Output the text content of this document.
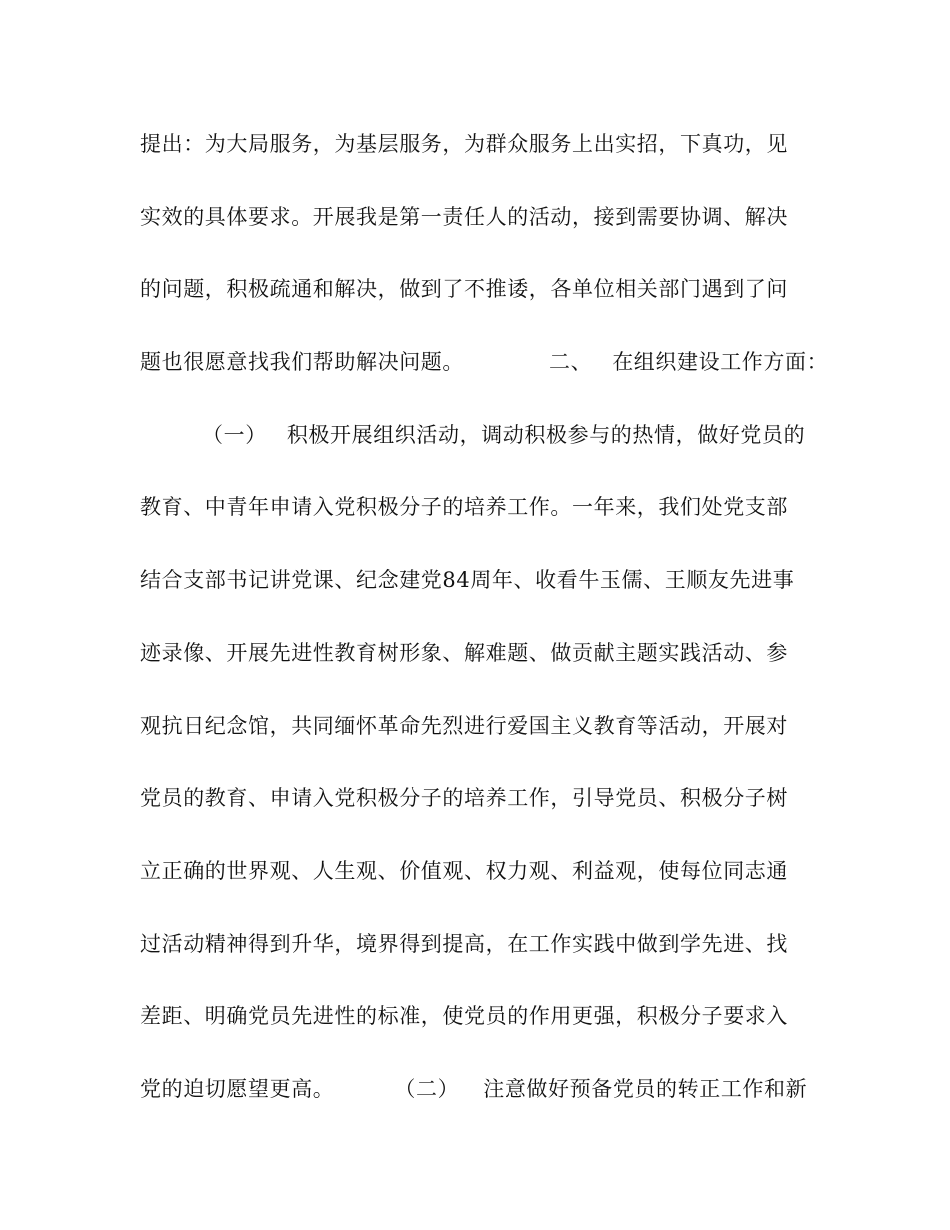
提出：为大局服务，为基层服务，为群众服务上出实招，下真功，见
实效的具体要求。开展我是第一责任人的活动，接到需要协调、解决
的问题，积极疏通和解决，做到了不推诿，各单位相关部门遇到了问
题也很愿意找我们帮助解决问题。	二、 在组织建设工作方面：
（一） 积极开展组织活动，调动积极参与的热情，做好党员的
教育、中青年申请入党积极分子的培养工作。一年来，我们处党支部
结合支部书记讲党课、纪念建党84周年、收看牛玉儒、王顺友先进事
迹录像、开展先进性教育树形象、解难题、做贡献主题实践活动、参
观抗日纪念馆，共同缅怀革命先烈进行爱国主义教育等活动，开展对
党员的教育、申请入党积极分子的培养工作，引导党员、积极分子树
立正确的世界观、人生观、价值观、权力观、利益观，使每位同志通
过活动精神得到升华，境界得到提高，在工作实践中做到学先进、找
差距、明确党员先进性的标准，使党员的作用更强，积极分子要求入
党的迫切愿望更高。	（二） 注意做好预备党员的转正工作和新
